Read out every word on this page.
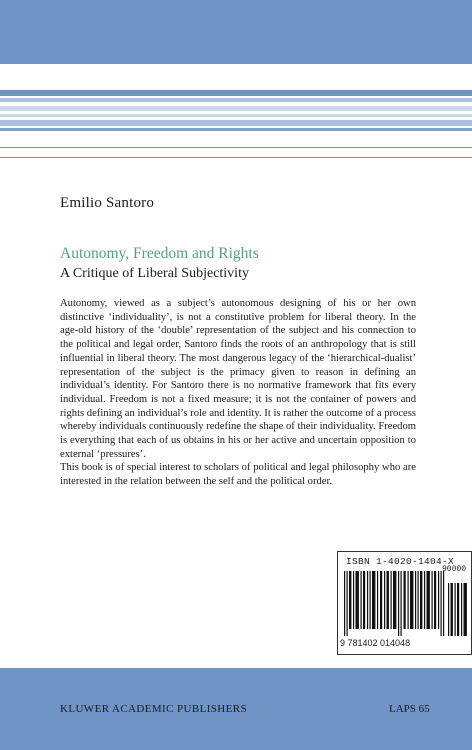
Emilio Santoro
Autonomy, Freedom and Rights
A Critique of Liberal Subjectivity

Autonomy, viewed as a subject’s autonomous designing of his or her own distinctive ‘individuality’, is not a constitutive problem for liberal theory. In the age-old history of the ‘double’ representation of the subject and his connection to the political and legal order, Santoro finds the roots of an anthropology that is still influential in liberal theory. The most dangerous legacy of the ‘hierarchical-dualist’ representation of the subject is the primacy given to reason in defining an individual’s identity. For Santoro there is no normative framework that fits every individual. Freedom is not a fixed measure; it is not the container of powers and rights defining an individual’s role and identity. It is rather the outcome of a process whereby individuals continuously redefine the shape of their individuality. Freedom is everything that each of us obtains in his or her active and uncertain opposition to external ‘pressures’.

This book is of special interest to scholars of political and legal philosophy who are interested in the relation between the self and the political order.

ISBN 1-4020-1404-X
90000
9 781402 014048
KLUWER ACADEMIC PUBLISHERS	LAPS 65
